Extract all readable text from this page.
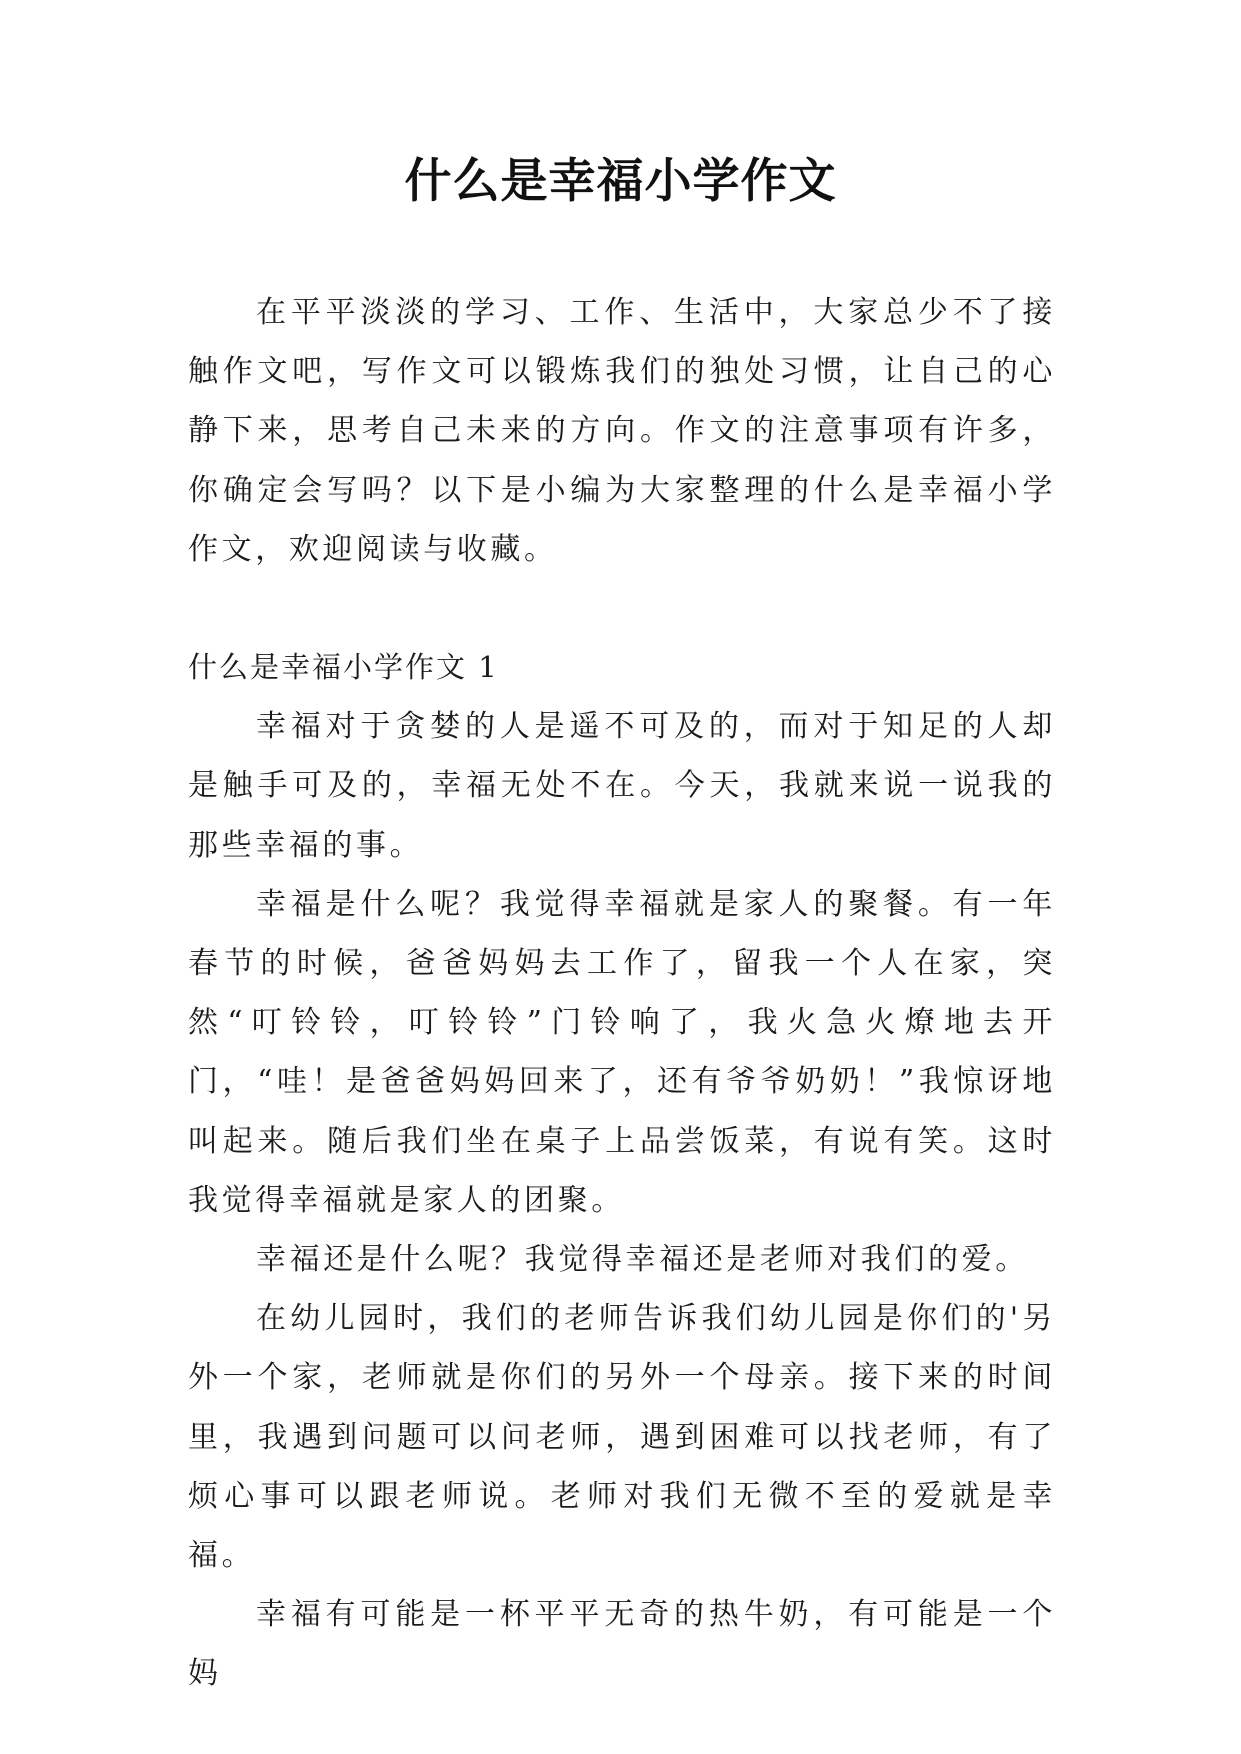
什么是幸福小学作文

在平平淡淡的学习、工作、生活中，大家总少不了接触作文吧，写作文可以锻炼我们的独处习惯，让自己的心静下来，思考自己未来的方向。作文的注意事项有许多，你确定会写吗？以下是小编为大家整理的什么是幸福小学作文，欢迎阅读与收藏。

什么是幸福小学作文 1

幸福对于贪婪的人是遥不可及的，而对于知足的人却是触手可及的，幸福无处不在。今天，我就来说一说我的那些幸福的事。

幸福是什么呢？我觉得幸福就是家人的聚餐。有一年春节的时候，爸爸妈妈去工作了，留我一个人在家，突然“叮铃铃，叮铃铃”门铃响了，我火急火燎地去开门，“哇！是爸爸妈妈回来了，还有爷爷奶奶！”我惊讶地叫起来。随后我们坐在桌子上品尝饭菜，有说有笑。这时我觉得幸福就是家人的团聚。

幸福还是什么呢？我觉得幸福还是老师对我们的爱。

在幼儿园时，我们的老师告诉我们幼儿园是你们的'另外一个家，老师就是你们的另外一个母亲。接下来的时间里，我遇到问题可以问老师，遇到困难可以找老师，有了烦心事可以跟老师说。老师对我们无微不至的爱就是幸福。

幸福有可能是一杯平平无奇的热牛奶，有可能是一个妈
